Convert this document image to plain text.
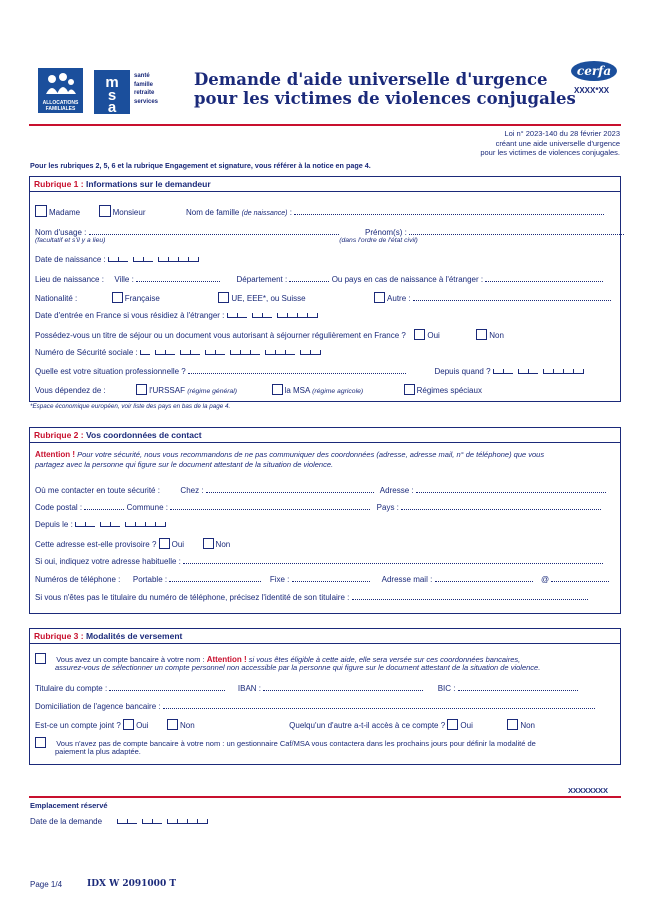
ALLOCATIONS FAMILIALES
m
s
a
santé
famille
retraite
services
Demande d'aide universelle d'urgence
pour les victimes de violences conjugales
cerfa
XXXX*XX
Loi n° 2023-140 du 28 février 2023
créant une aide universelle d'urgence
pour les victimes de violences conjugales.
Pour les rubriques 2, 5, 6 et la rubrique Engagement et signature, vous référer à la notice en page 4.
Rubrique 1 : Informations sur le demandeur
Madame	Monsieur	Nom de famille (de naissance) :
Nom d'usage :	Prénom(s) :
(facultatif et s'il y a lieu)	(dans l'ordre de l'état civil)
Date de naissance :
Lieu de naissance : Ville :	Département :	Ou pays en cas de naissance à l'étranger :
Nationalité :	Française	UE, EEE*, ou Suisse	Autre :
Date d'entrée en France si vous résidiez à l'étranger :
Possédez-vous un titre de séjour ou un document vous autorisant à séjourner régulièrement en France ?	Oui	Non
Numéro de Sécurité sociale :
Quelle est votre situation professionnelle ?	Depuis quand ?
Vous dépendez de :	l'URSSAF (régime général)	la MSA (régime agricole)	Régimes spéciaux
*Espace économique européen, voir liste des pays en bas de la page 4.
Rubrique 2 : Vos coordonnées de contact
Attention ! Pour votre sécurité, nous vous recommandons de ne pas communiquer des coordonnées (adresse, adresse mail, n° de téléphone) que vous
partagez avec la personne qui figure sur le document attestant de la situation de violence.
Où me contacter en toute sécurité :	Chez :	Adresse :
Code postal :	Commune :	Pays :
Depuis le :
Cette adresse est-elle provisoire ? Oui	Non
Si oui, indiquez votre adresse habituelle :
Numéros de téléphone : Portable :	Fixe :	Adresse mail :	@
Si vous n'êtes pas le titulaire du numéro de téléphone, précisez l'identité de son titulaire :
Rubrique 3 : Modalités de versement
Vous avez un compte bancaire à votre nom : Attention ! si vous êtes éligible à cette aide, elle sera versée sur ces coordonnées bancaires,
assurez-vous de sélectionner un compte personnel non accessible par la personne qui figure sur le document attestant de la situation de violence.
Titulaire du compte :	IBAN :	BIC :
Domiciliation de l'agence bancaire :
Est-ce un compte joint ? Oui	Non	Quelqu'un d'autre a-t-il accès à ce compte ? Oui	Non
Vous n'avez pas de compte bancaire à votre nom : un gestionnaire Caf/MSA vous contactera dans les prochains jours pour définir la modalité de
paiement la plus adaptée.
XXXXXXXX
Emplacement réservé
Date de la demande
Page 1/4	IDX W 2091000 T
